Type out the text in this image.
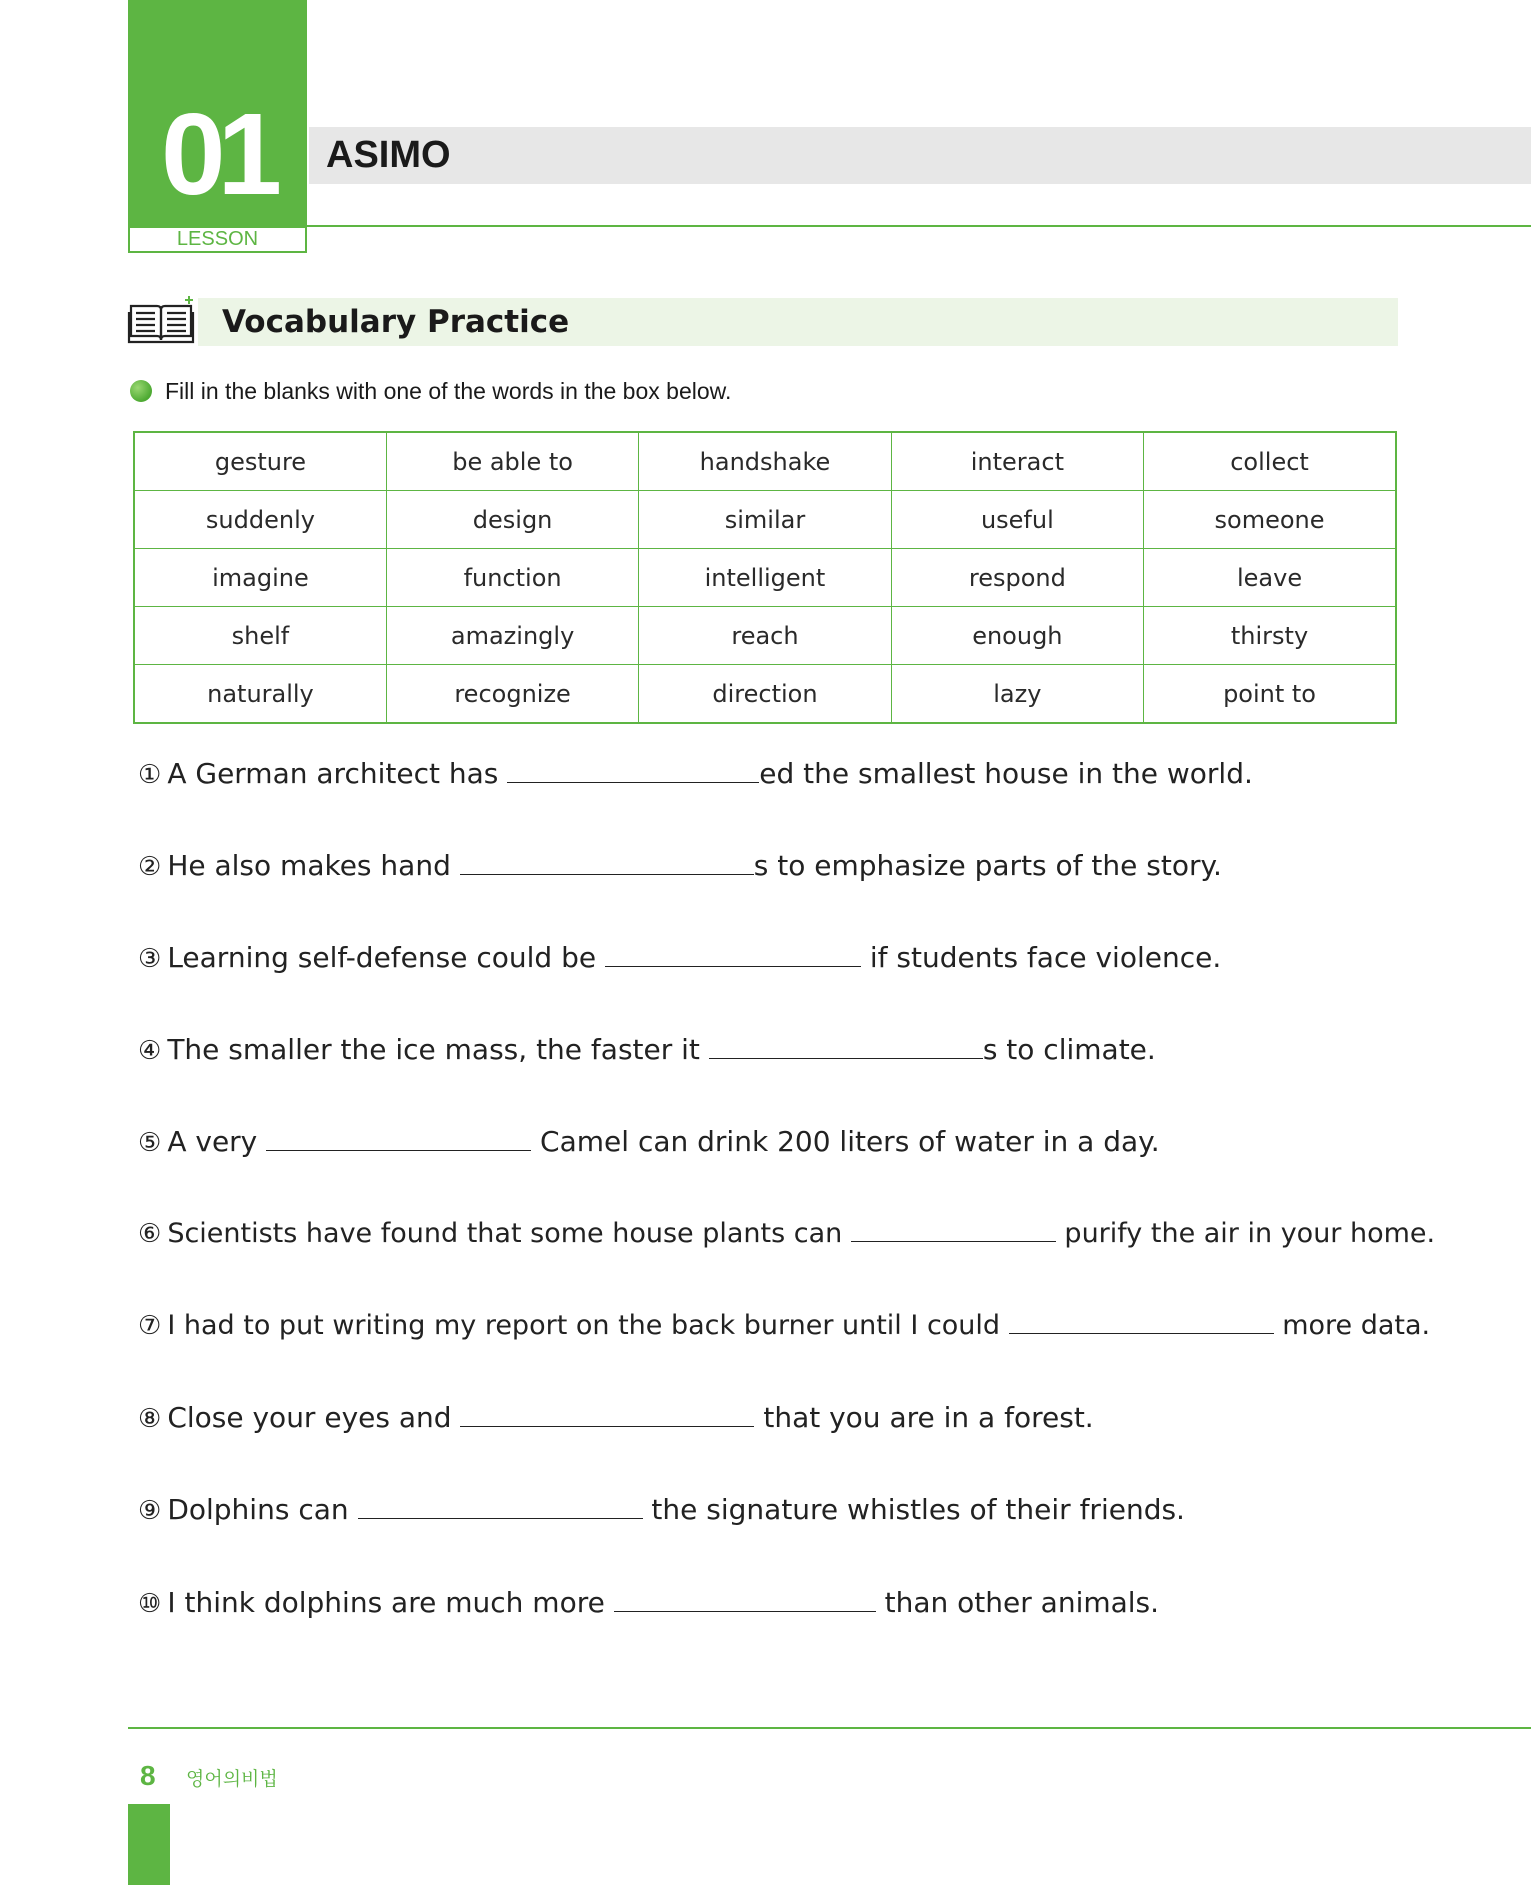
01
LESSON
ASIMO
Vocabulary Practice
Fill in the blanks with one of the words in the box below.
gesture	be able to	handshake	interact	collect
suddenly	design	similar	useful	someone
imagine	function	intelligent	respond	leave
shelf	amazingly	reach	enough	thirsty
naturally	recognize	direction	lazy	point to
① A German architect has	ed the smallest house in the world.
② He also makes hand	s to emphasize parts of the story.
③ Learning self-defense could be	if students face violence.
④ The smaller the ice mass, the faster it	s to climate.
⑤ A very	Camel can drink 200 liters of water in a day.
⑥ Scientists have found that some house plants can	purify the air in your home.
⑦ I had to put writing my report on the back burner until I could	more data.
⑧ Close your eyes and	that you are in a forest.
⑨ Dolphins can	the signature whistles of their friends.
⑩ I think dolphins are much more	than other animals.
8 영어의비법
